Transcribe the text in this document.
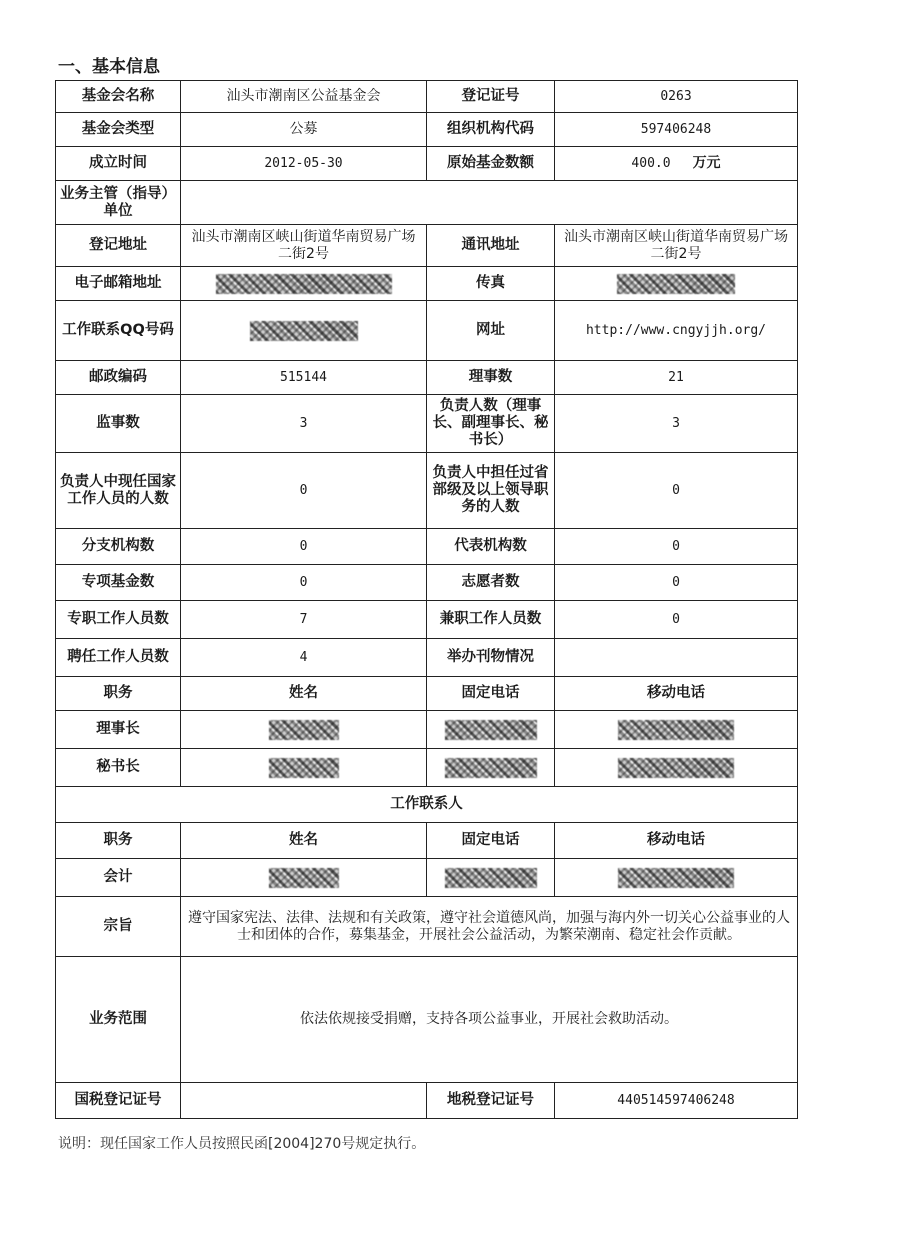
一、基本信息
基金会名称	汕头市潮南区公益基金会	登记证号	0263
基金会类型	公募	组织机构代码	597406248
成立时间	2012-05-30	原始基金数额	400.0 万元
业务主管（指导）单位			
登记地址	汕头市潮南区峡山街道华南贸易广场二街2号	通讯地址	汕头市潮南区峡山街道华南贸易广场二街2号
电子邮箱地址		传真	
工作联系QQ号码		网址	http://www.cngyjjh.org/
邮政编码	515144	理事数	21
监事数	3	负责人数（理事长、副理事长、秘书长）	3
负责人中现任国家工作人员的人数	0	负责人中担任过省部级及以上领导职务的人数	0
分支机构数	0	代表机构数	0
专项基金数	0	志愿者数	0
专职工作人员数	7	兼职工作人员数	0
聘任工作人员数	4	举办刊物情况	
职务	姓名	固定电话	移动电话
理事长			
秘书长			
工作联系人			
职务	姓名	固定电话	移动电话
会计			
宗旨	遵守国家宪法、法律、法规和有关政策，遵守社会道德风尚，加强与海内外一切关心公益事业的人士和团体的合作，募集基金，开展社会公益活动，为繁荣潮南、稳定社会作贡献。		
业务范围	依法依规接受捐赠，支持各项公益事业，开展社会救助活动。		
国税登记证号		地税登记证号	440514597406248
说明：现任国家工作人员按照民函[2004]270号规定执行。
